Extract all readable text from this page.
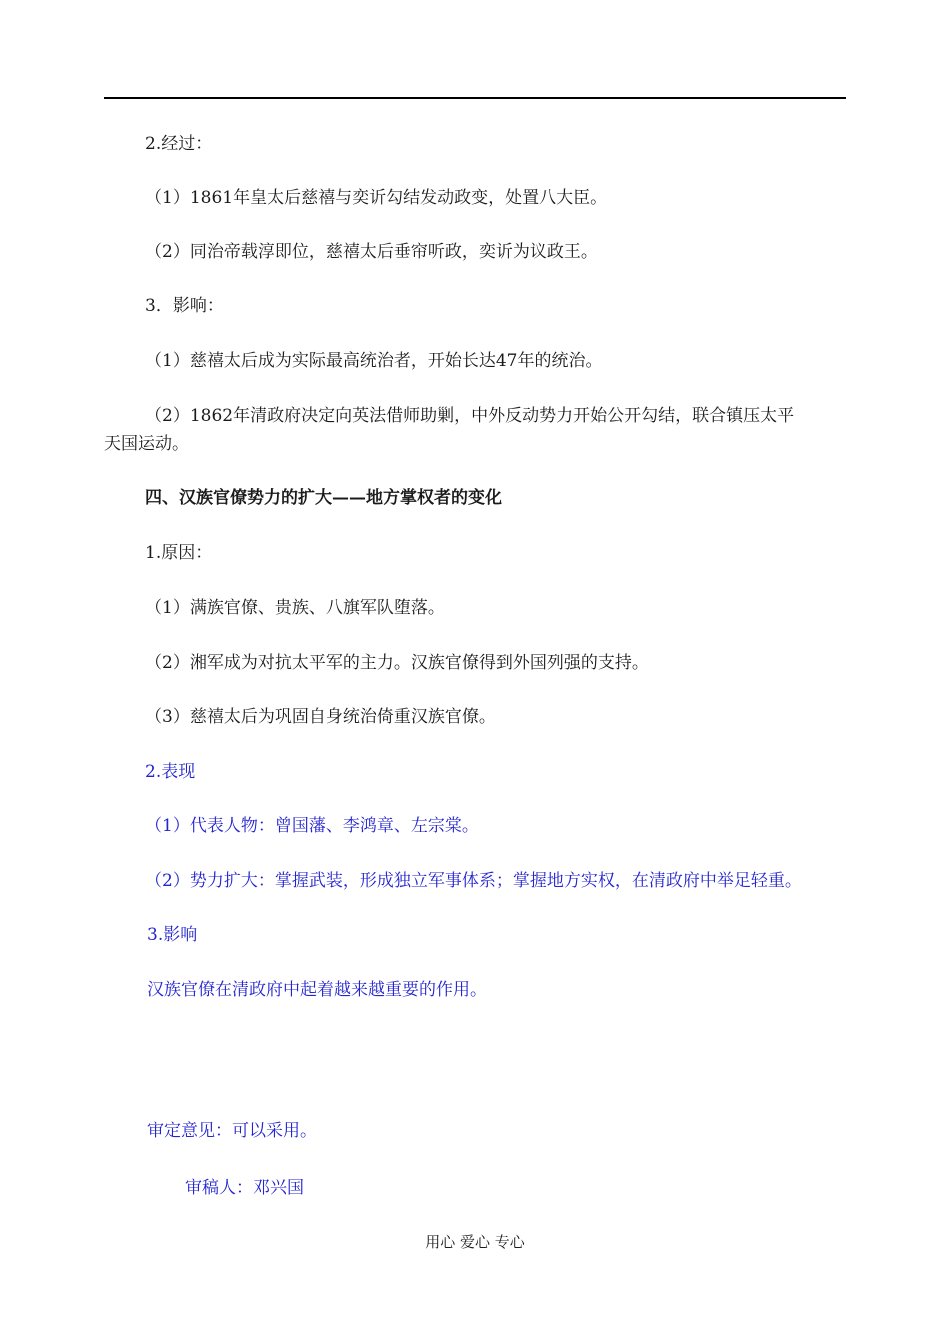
2.经过：
（1）1861年皇太后慈禧与奕䜣勾结发动政变，处置八大臣。
（2）同治帝载淳即位，慈禧太后垂帘听政，奕䜣为议政王。
3．影响：
（1）慈禧太后成为实际最高统治者，开始长达47年的统治。
（2）1862年清政府决定向英法借师助剿，中外反动势力开始公开勾结，联合镇压太平
天国运动。
四、汉族官僚势力的扩大——地方掌权者的变化
1.原因：
（1）满族官僚、贵族、八旗军队堕落。
（2）湘军成为对抗太平军的主力。汉族官僚得到外国列强的支持。
（3）慈禧太后为巩固自身统治倚重汉族官僚。
2.表现
（1）代表人物：曾国藩、李鸿章、左宗棠。
（2）势力扩大：掌握武装，形成独立军事体系；掌握地方实权，在清政府中举足轻重。
3.影响
汉族官僚在清政府中起着越来越重要的作用。
审定意见：可以采用。
审稿人：邓兴国
用心 爱心 专心
